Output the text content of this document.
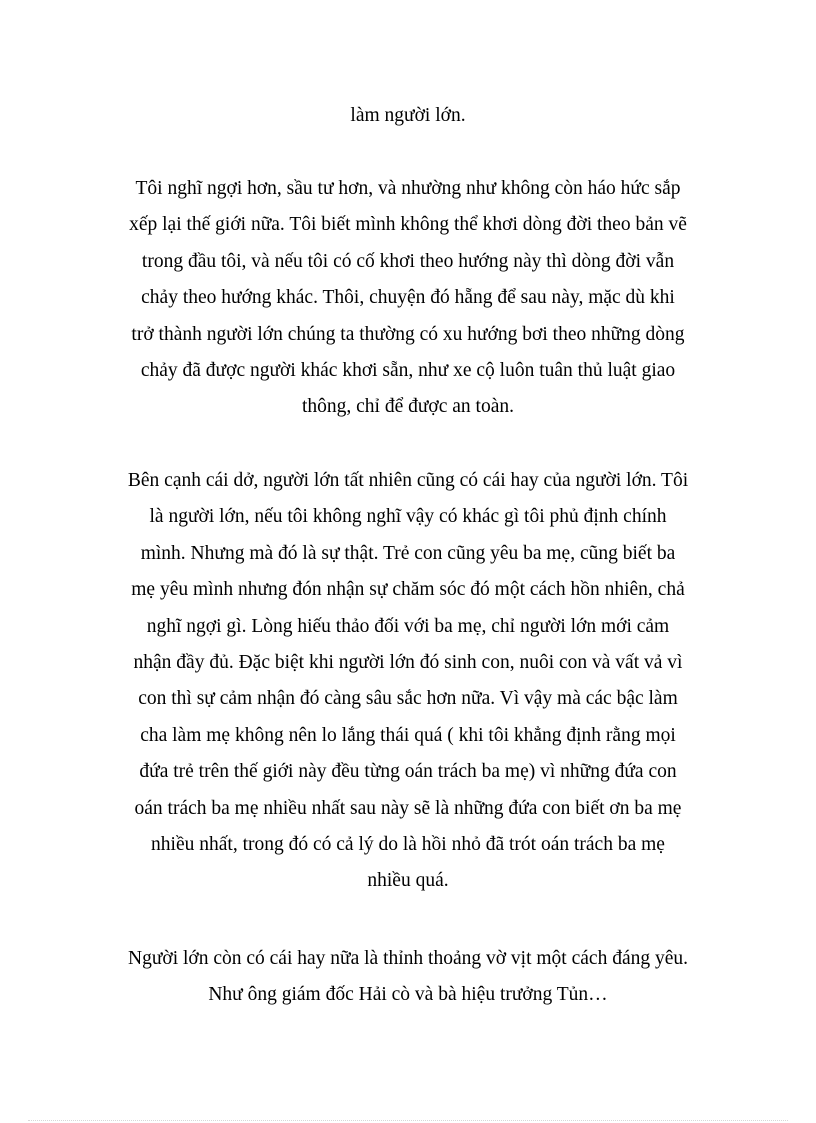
làm người lớn.

Tôi nghĩ ngợi hơn, sầu tư hơn, và nhường như không còn háo hức sắp
xếp lại thế giới nữa. Tôi biết mình không thể khơi dòng đời theo bản vẽ
trong đầu tôi, và nếu tôi có cố khơi theo hướng này thì dòng đời vẫn
chảy theo hướng khác. Thôi, chuyện đó hẵng để sau này, mặc dù khi
trở thành người lớn chúng ta thường có xu hướng bơi theo những dòng
chảy đã được người khác khơi sẵn, như xe cộ luôn tuân thủ luật giao
thông, chỉ để được an toàn.

Bên cạnh cái dở, người lớn tất nhiên cũng có cái hay của người lớn. Tôi
là người lớn, nếu tôi không nghĩ vậy có khác gì tôi phủ định chính
mình. Nhưng mà đó là sự thật. Trẻ con cũng yêu ba mẹ, cũng biết ba
mẹ yêu mình nhưng đón nhận sự chăm sóc đó một cách hồn nhiên, chả
nghĩ ngợi gì. Lòng hiếu thảo đối với ba mẹ, chỉ người lớn mới cảm
nhận đầy đủ. Đặc biệt khi người lớn đó sinh con, nuôi con và vất vả vì
con thì sự cảm nhận đó càng sâu sắc hơn nữa. Vì vậy mà các bậc làm
cha làm mẹ không nên lo lắng thái quá ( khi tôi khẳng định rằng mọi
đứa trẻ trên thế giới này đều từng oán trách ba mẹ) vì những đứa con
oán trách ba mẹ nhiều nhất sau này sẽ là những đứa con biết ơn ba mẹ
nhiều nhất, trong đó có cả lý do là hồi nhỏ đã trót oán trách ba mẹ
nhiều quá.

Người lớn còn có cái hay nữa là thỉnh thoảng vờ vịt một cách đáng yêu.
Như ông giám đốc Hải cò và bà hiệu trưởng Tủn…
